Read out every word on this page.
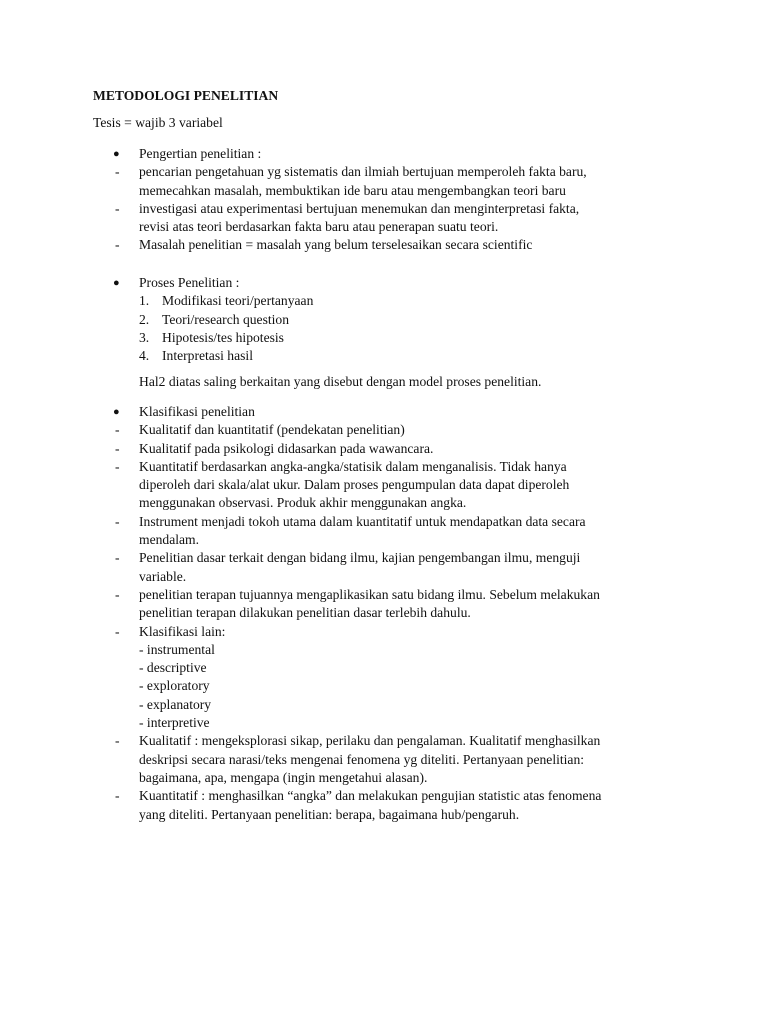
METODOLOGI PENELITIAN
Tesis = wajib 3 variabel
● Pengertian penelitian :
- pencarian pengetahuan yg sistematis dan ilmiah bertujuan memperoleh fakta baru,
memecahkan masalah, membuktikan ide baru atau mengembangkan teori baru
- investigasi atau experimentasi bertujuan menemukan dan menginterpretasi fakta,
revisi atas teori berdasarkan fakta baru atau penerapan suatu teori.
- Masalah penelitian = masalah yang belum terselesaikan secara scientific
● Proses Penelitian :
1. Modifikasi teori/pertanyaan
2. Teori/research question
3. Hipotesis/tes hipotesis
4. Interpretasi hasil
Hal2 diatas saling berkaitan yang disebut dengan model proses penelitian.
● Klasifikasi penelitian
- Kualitatif dan kuantitatif (pendekatan penelitian)
- Kualitatif pada psikologi didasarkan pada wawancara.
- Kuantitatif berdasarkan angka-angka/statisik dalam menganalisis. Tidak hanya
diperoleh dari skala/alat ukur. Dalam proses pengumpulan data dapat diperoleh
menggunakan observasi. Produk akhir menggunakan angka.
- Instrument menjadi tokoh utama dalam kuantitatif untuk mendapatkan data secara
mendalam.
- Penelitian dasar terkait dengan bidang ilmu, kajian pengembangan ilmu, menguji
variable.
- penelitian terapan tujuannya mengaplikasikan satu bidang ilmu. Sebelum melakukan
penelitian terapan dilakukan penelitian dasar terlebih dahulu.
- Klasifikasi lain:
- instrumental
- descriptive
- exploratory
- explanatory
- interpretive
- Kualitatif : mengeksplorasi sikap, perilaku dan pengalaman. Kualitatif menghasilkan
deskripsi secara narasi/teks mengenai fenomena yg diteliti. Pertanyaan penelitian:
bagaimana, apa, mengapa (ingin mengetahui alasan).
- Kuantitatif : menghasilkan “angka” dan melakukan pengujian statistic atas fenomena
yang diteliti. Pertanyaan penelitian: berapa, bagaimana hub/pengaruh.
